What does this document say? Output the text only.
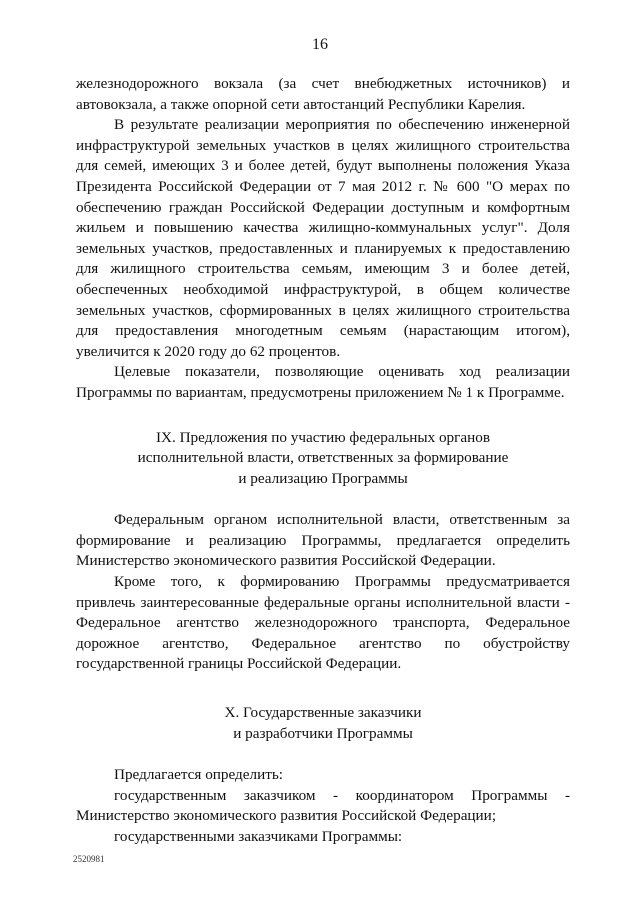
16

железнодорожного вокзала (за счет внебюджетных источников) и автовокзала, а также опорной сети автостанций Республики Карелия.

В результате реализации мероприятия по обеспечению инженерной инфраструктурой земельных участков в целях жилищного строительства для семей, имеющих 3 и более детей, будут выполнены положения Указа Президента Российской Федерации от 7 мая 2012 г. № 600 "О мерах по обеспечению граждан Российской Федерации доступным и комфортным жильем и повышению качества жилищно-коммунальных услуг". Доля земельных участков, предоставленных и планируемых к предоставлению для жилищного строительства семьям, имеющим 3 и более детей, обеспеченных необходимой инфраструктурой, в общем количестве земельных участков, сформированных в целях жилищного строительства для предоставления многодетным семьям (нарастающим итогом), увеличится к 2020 году до 62 процентов.

Целевые показатели, позволяющие оценивать ход реализации Программы по вариантам, предусмотрены приложением № 1 к Программе.

IX. Предложения по участию федеральных органов
исполнительной власти, ответственных за формирование
и реализацию Программы

Федеральным органом исполнительной власти, ответственным за формирование и реализацию Программы, предлагается определить Министерство экономического развития Российской Федерации.

Кроме того, к формированию Программы предусматривается привлечь заинтересованные федеральные органы исполнительной власти - Федеральное агентство железнодорожного транспорта, Федеральное дорожное агентство, Федеральное агентство по обустройству государственной границы Российской Федерации.

X. Государственные заказчики
и разработчики Программы

Предлагается определить:

государственным заказчиком - координатором Программы - Министерство экономического развития Российской Федерации;

государственными заказчиками Программы:

2520981
